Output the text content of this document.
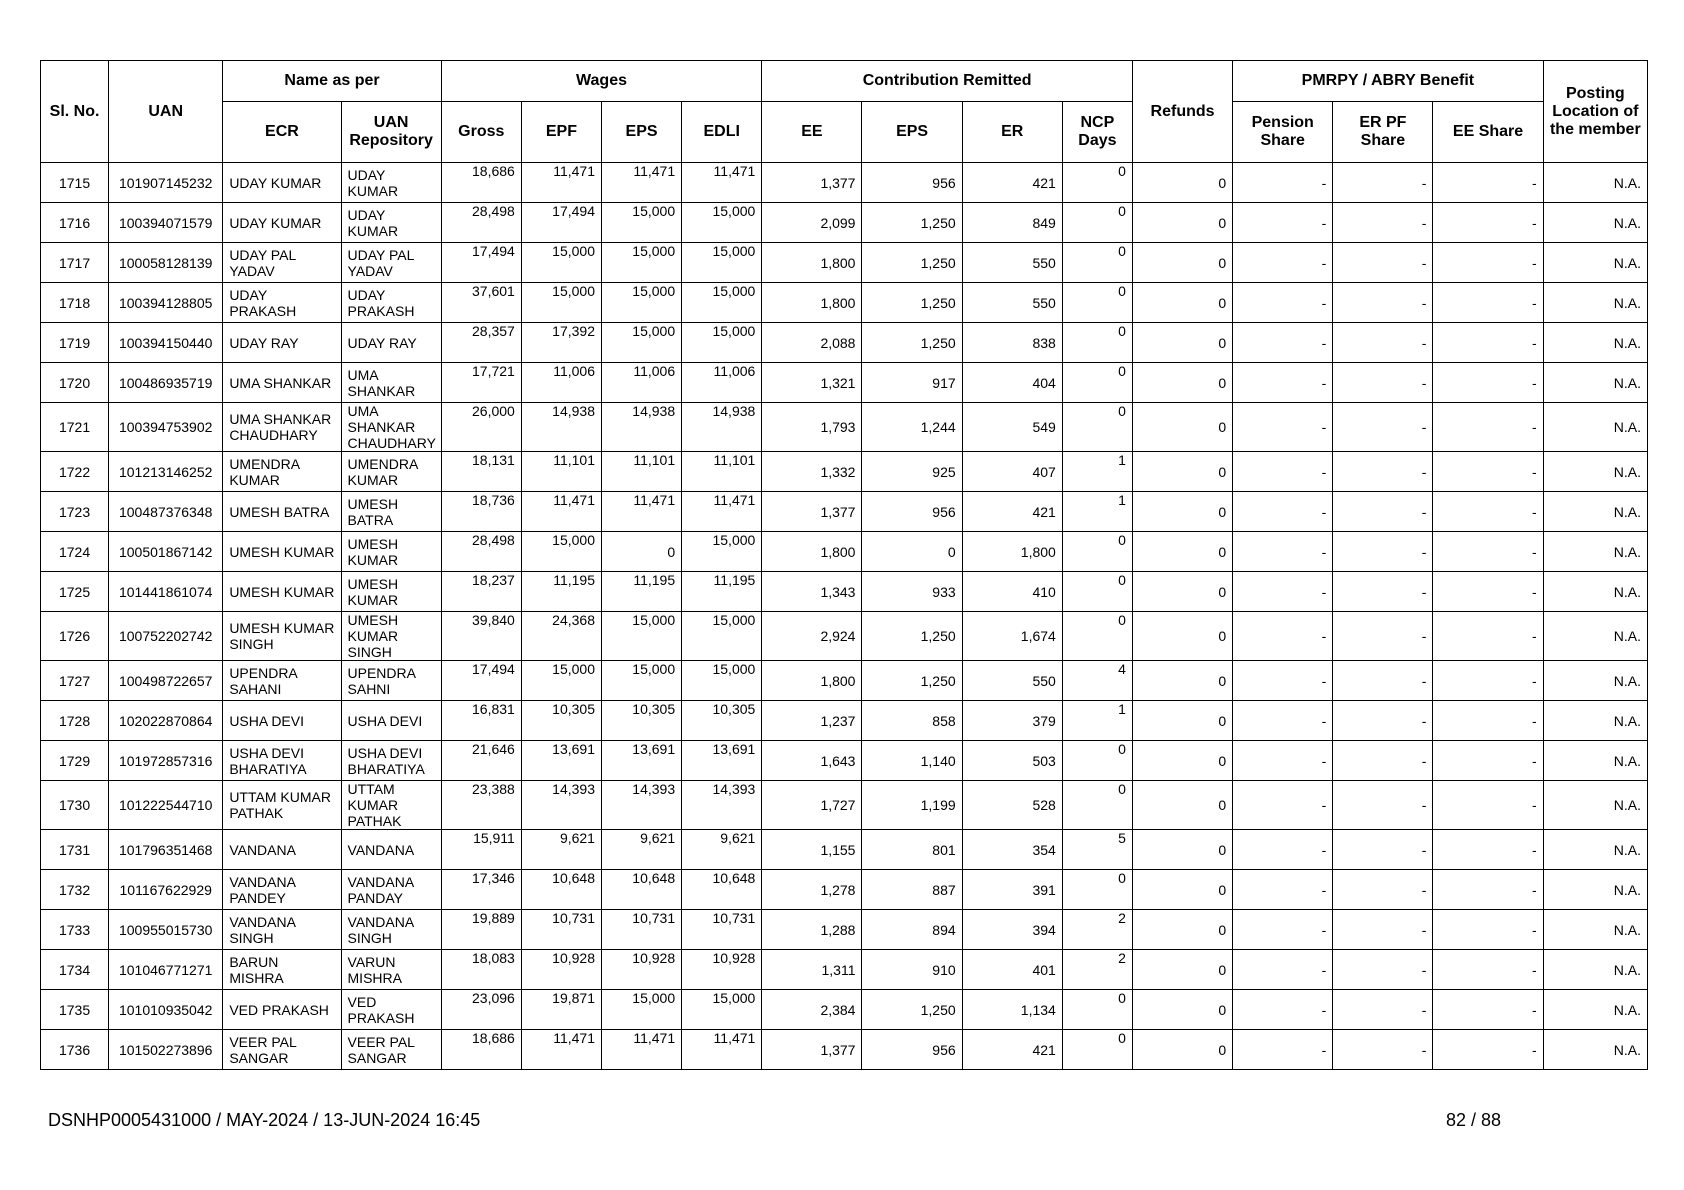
Sl. No.	UAN	Name as per		Wages				Contribution Remitted				Refunds	PMRPY / ABRY Benefit			Posting Location of the member
		ECR	UAN Repository	Gross	EPF	EPS	EDLI	EE	EPS	ER	NCP Days		Pension Share	ER PF Share	EE Share	
1715	101907145232	UDAY KUMAR	UDAY KUMAR	18,686	11,471	11,471	11,471	1,377	956	421	0	0	-	-	-	N.A.
1716	100394071579	UDAY KUMAR	UDAY KUMAR	28,498	17,494	15,000	15,000	2,099	1,250	849	0	0	-	-	-	N.A.
1717	100058128139	UDAY PAL YADAV	UDAY PAL YADAV	17,494	15,000	15,000	15,000	1,800	1,250	550	0	0	-	-	-	N.A.
1718	100394128805	UDAY PRAKASH	UDAY PRAKASH	37,601	15,000	15,000	15,000	1,800	1,250	550	0	0	-	-	-	N.A.
1719	100394150440	UDAY RAY	UDAY RAY	28,357	17,392	15,000	15,000	2,088	1,250	838	0	0	-	-	-	N.A.
1720	100486935719	UMA SHANKAR	UMA SHANKAR	17,721	11,006	11,006	11,006	1,321	917	404	0	0	-	-	-	N.A.
1721	100394753902	UMA SHANKAR CHAUDHARY	UMA SHANKAR CHAUDHARY	26,000	14,938	14,938	14,938	1,793	1,244	549	0	0	-	-	-	N.A.
1722	101213146252	UMENDRA KUMAR	UMENDRA KUMAR	18,131	11,101	11,101	11,101	1,332	925	407	1	0	-	-	-	N.A.
1723	100487376348	UMESH BATRA	UMESH BATRA	18,736	11,471	11,471	11,471	1,377	956	421	1	0	-	-	-	N.A.
1724	100501867142	UMESH KUMAR	UMESH KUMAR	28,498	15,000	0	15,000	1,800	0	1,800	0	0	-	-	-	N.A.
1725	101441861074	UMESH KUMAR	UMESH KUMAR	18,237	11,195	11,195	11,195	1,343	933	410	0	0	-	-	-	N.A.
1726	100752202742	UMESH KUMAR SINGH	UMESH KUMAR SINGH	39,840	24,368	15,000	15,000	2,924	1,250	1,674	0	0	-	-	-	N.A.
1727	100498722657	UPENDRA SAHANI	UPENDRA SAHNI	17,494	15,000	15,000	15,000	1,800	1,250	550	4	0	-	-	-	N.A.
1728	102022870864	USHA DEVI	USHA DEVI	16,831	10,305	10,305	10,305	1,237	858	379	1	0	-	-	-	N.A.
1729	101972857316	USHA DEVI BHARATIYA	USHA DEVI BHARATIYA	21,646	13,691	13,691	13,691	1,643	1,140	503	0	0	-	-	-	N.A.
1730	101222544710	UTTAM KUMAR PATHAK	UTTAM KUMAR PATHAK	23,388	14,393	14,393	14,393	1,727	1,199	528	0	0	-	-	-	N.A.
1731	101796351468	VANDANA	VANDANA	15,911	9,621	9,621	9,621	1,155	801	354	5	0	-	-	-	N.A.
1732	101167622929	VANDANA PANDEY	VANDANA PANDAY	17,346	10,648	10,648	10,648	1,278	887	391	0	0	-	-	-	N.A.
1733	100955015730	VANDANA SINGH	VANDANA SINGH	19,889	10,731	10,731	10,731	1,288	894	394	2	0	-	-	-	N.A.
1734	101046771271	BARUN MISHRA	VARUN MISHRA	18,083	10,928	10,928	10,928	1,311	910	401	2	0	-	-	-	N.A.
1735	101010935042	VED PRAKASH	VED PRAKASH	23,096	19,871	15,000	15,000	2,384	1,250	1,134	0	0	-	-	-	N.A.
1736	101502273896	VEER PAL SANGAR	VEER PAL SANGAR	18,686	11,471	11,471	11,471	1,377	956	421	0	0	-	-	-	N.A.
DSNHP0005431000 / MAY-2024 / 13-JUN-2024 16:45	82 / 88
